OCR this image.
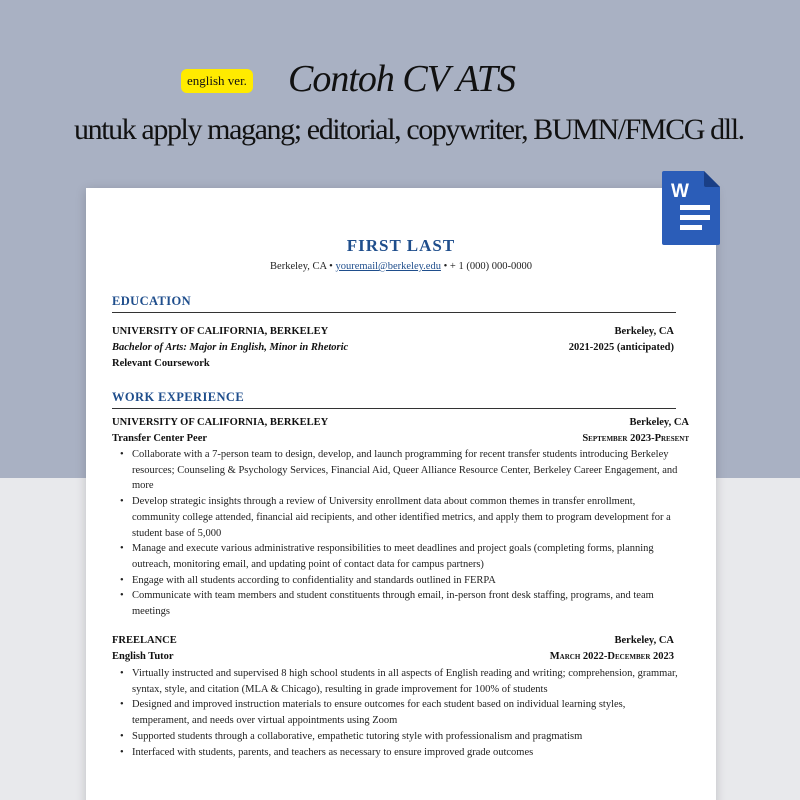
english ver. Contoh CV ATS
untuk apply magang; editorial, copywriter, BUMN/FMCG dll.
FIRST LAST
Berkeley, CA • youremail@berkeley.edu • + 1 (000) 000-0000
EDUCATION
UNIVERSITY OF CALIFORNIA, BERKELEY	Berkeley, CA
Bachelor of Arts: Major in English, Minor in Rhetoric	2021-2025 (anticipated)
Relevant Coursework
WORK EXPERIENCE
UNIVERSITY OF CALIFORNIA, BERKELEY	Berkeley, CA
Transfer Center Peer	September 2023-Present
• Collaborate with a 7-person team to design, develop, and launch programming for recent transfer students introducing Berkeley resources; Counseling & Psychology Services, Financial Aid, Queer Alliance Resource Center, Berkeley Career Engagement, and more
• Develop strategic insights through a review of University enrollment data about common themes in transfer enrollment, community college attended, financial aid recipients, and other identified metrics, and apply them to program development for a student base of 5,000
• Manage and execute various administrative responsibilities to meet deadlines and project goals (completing forms, planning outreach, monitoring email, and updating point of contact data for campus partners)
• Engage with all students according to confidentiality and standards outlined in FERPA
• Communicate with team members and student constituents through email, in-person front desk staffing, programs, and team meetings
FREELANCE	Berkeley, CA
English Tutor	March 2022-December 2023
• Virtually instructed and supervised 8 high school students in all aspects of English reading and writing; comprehension, grammar, syntax, style, and citation (MLA & Chicago), resulting in grade improvement for 100% of students
• Designed and improved instruction materials to ensure outcomes for each student based on individual learning styles, temperament, and needs over virtual appointments using Zoom
• Supported students through a collaborative, empathetic tutoring style with professionalism and pragmatism
• Interfaced with students, parents, and teachers as necessary to ensure improved grade outcomes
W
